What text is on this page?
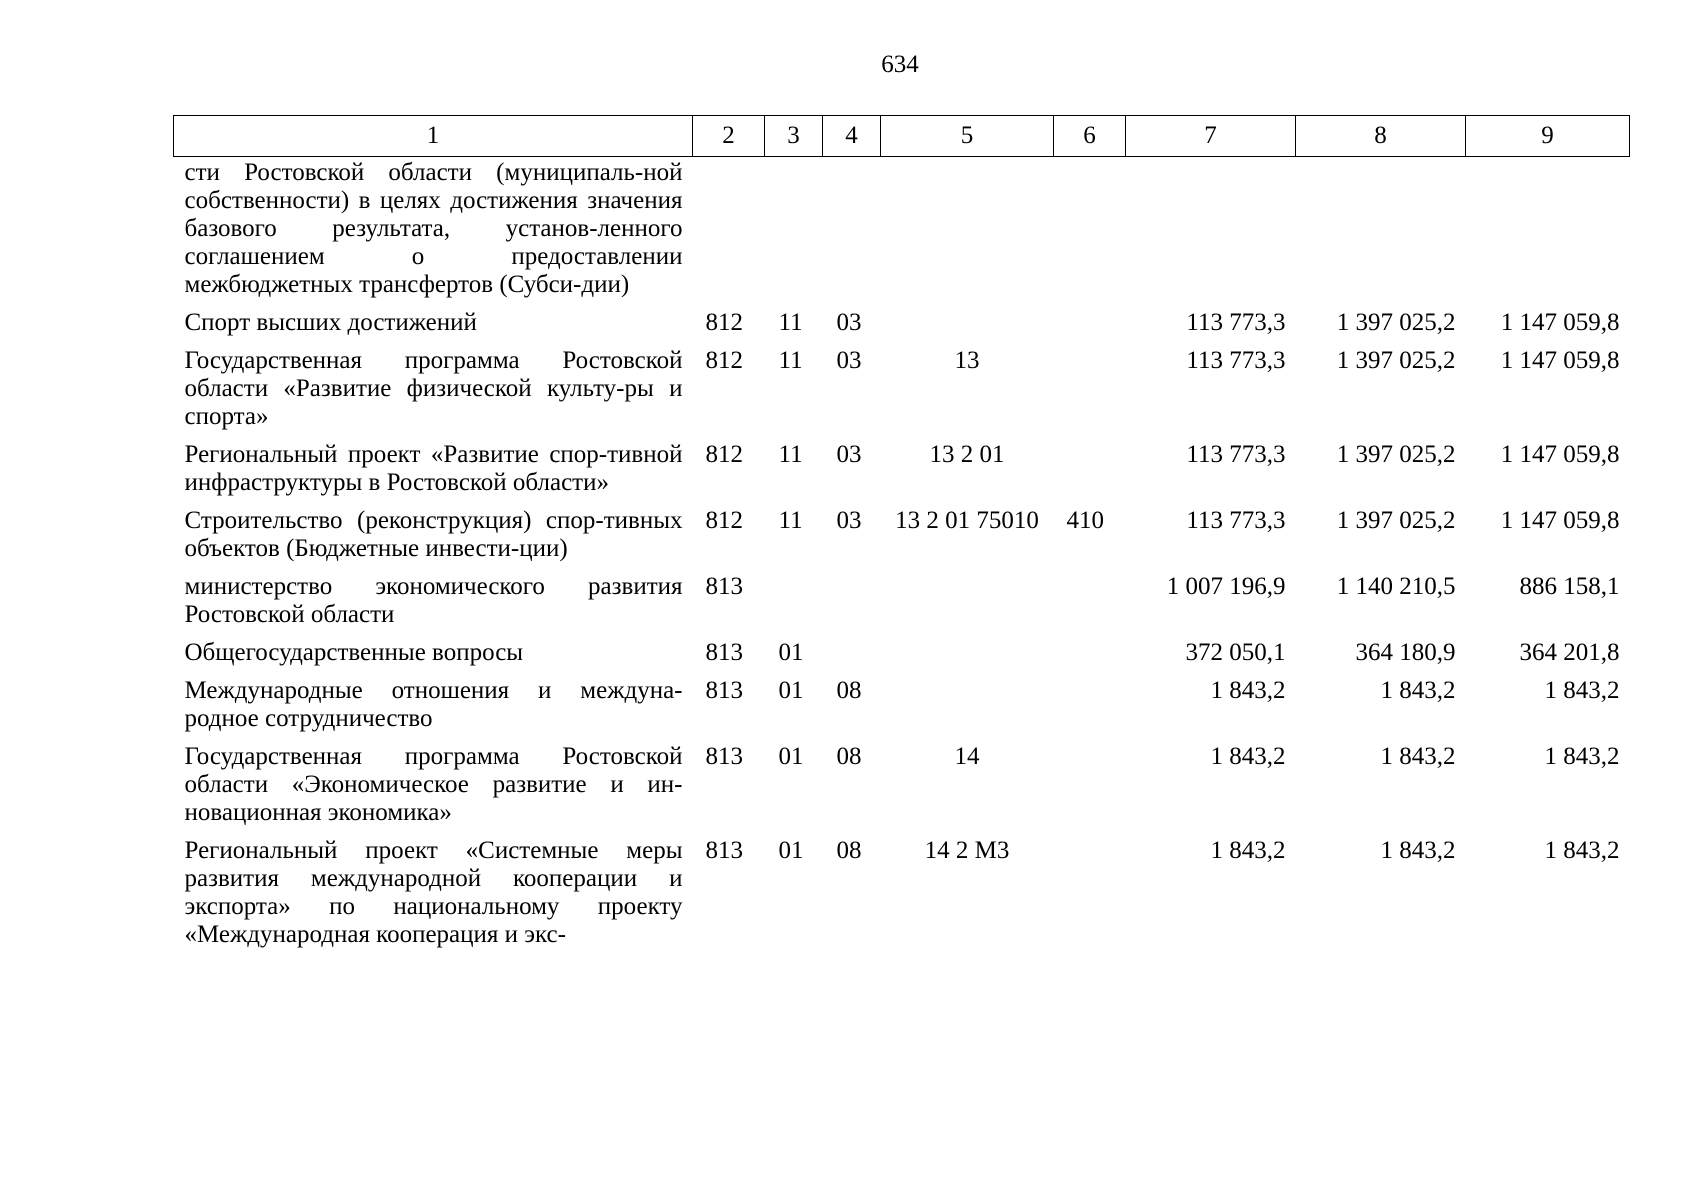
634
1	2	3	4	5	6	7	8	9
сти Ростовской области (муниципаль-ной собственности) в целях достижения значения базового результата, установ-ленного соглашением о предоставлении межбюджетных трансфертов (Субси-дии)								
Спорт высших достижений	812	11	03			113 773,3	1 397 025,2	1 147 059,8
Государственная программа Ростовской области «Развитие физической культу-ры и спорта»	812	11	03	13		113 773,3	1 397 025,2	1 147 059,8
Региональный проект «Развитие спор-тивной инфраструктуры в Ростовской области»	812	11	03	13 2 01		113 773,3	1 397 025,2	1 147 059,8
Строительство (реконструкция) спор-тивных объектов (Бюджетные инвести-ции)	812	11	03	13 2 01 75010	410	113 773,3	1 397 025,2	1 147 059,8
министерство экономического развития Ростовской области	813					1 007 196,9	1 140 210,5	886 158,1
Общегосударственные вопросы	813	01				372 050,1	364 180,9	364 201,8
Международные отношения и междуна-родное сотрудничество	813	01	08			1 843,2	1 843,2	1 843,2
Государственная программа Ростовской области «Экономическое развитие и ин-новационная экономика»	813	01	08	14		1 843,2	1 843,2	1 843,2
Региональный проект «Системные меры развития международной кооперации и экспорта» по национальному проекту «Международная кооперация и экс-	813	01	08	14 2 M3		1 843,2	1 843,2	1 843,2
